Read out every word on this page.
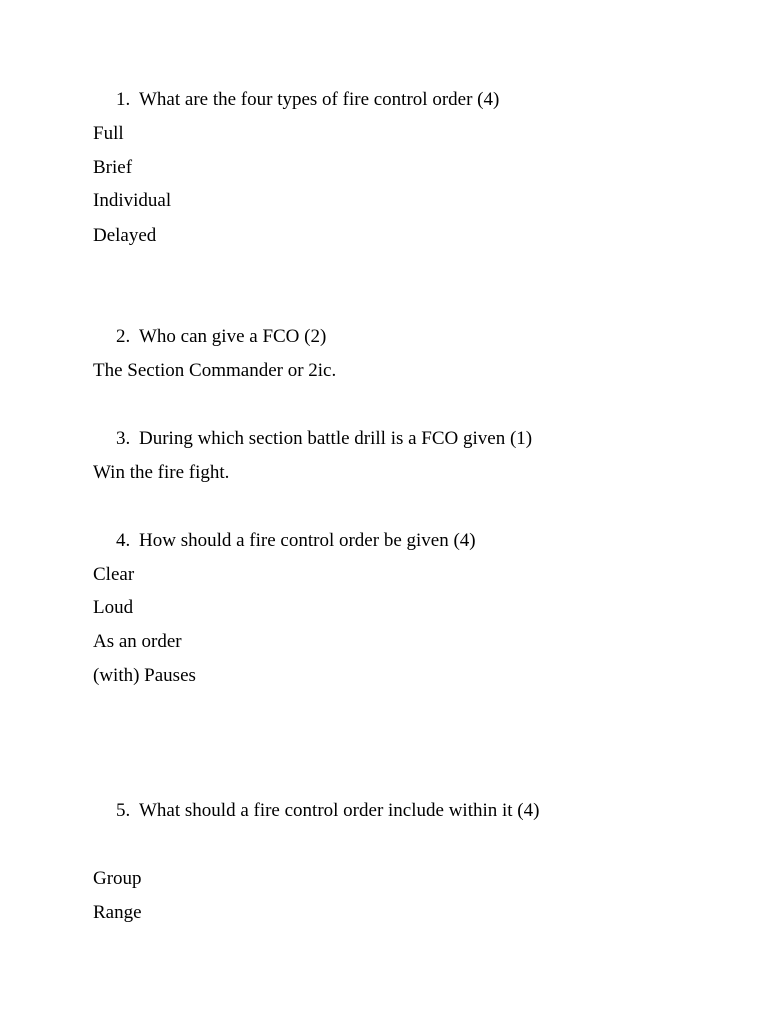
1. What are the four types of fire control order (4)
Full
Brief
Individual
Delayed
2. Who can give a FCO (2)
The Section Commander or 2ic.
3. During which section battle drill is a FCO given (1)
Win the fire fight.
4. How should a fire control order be given (4)
Clear
Loud
As an order
(with) Pauses
5. What should a fire control order include within it (4)
Group
Range
